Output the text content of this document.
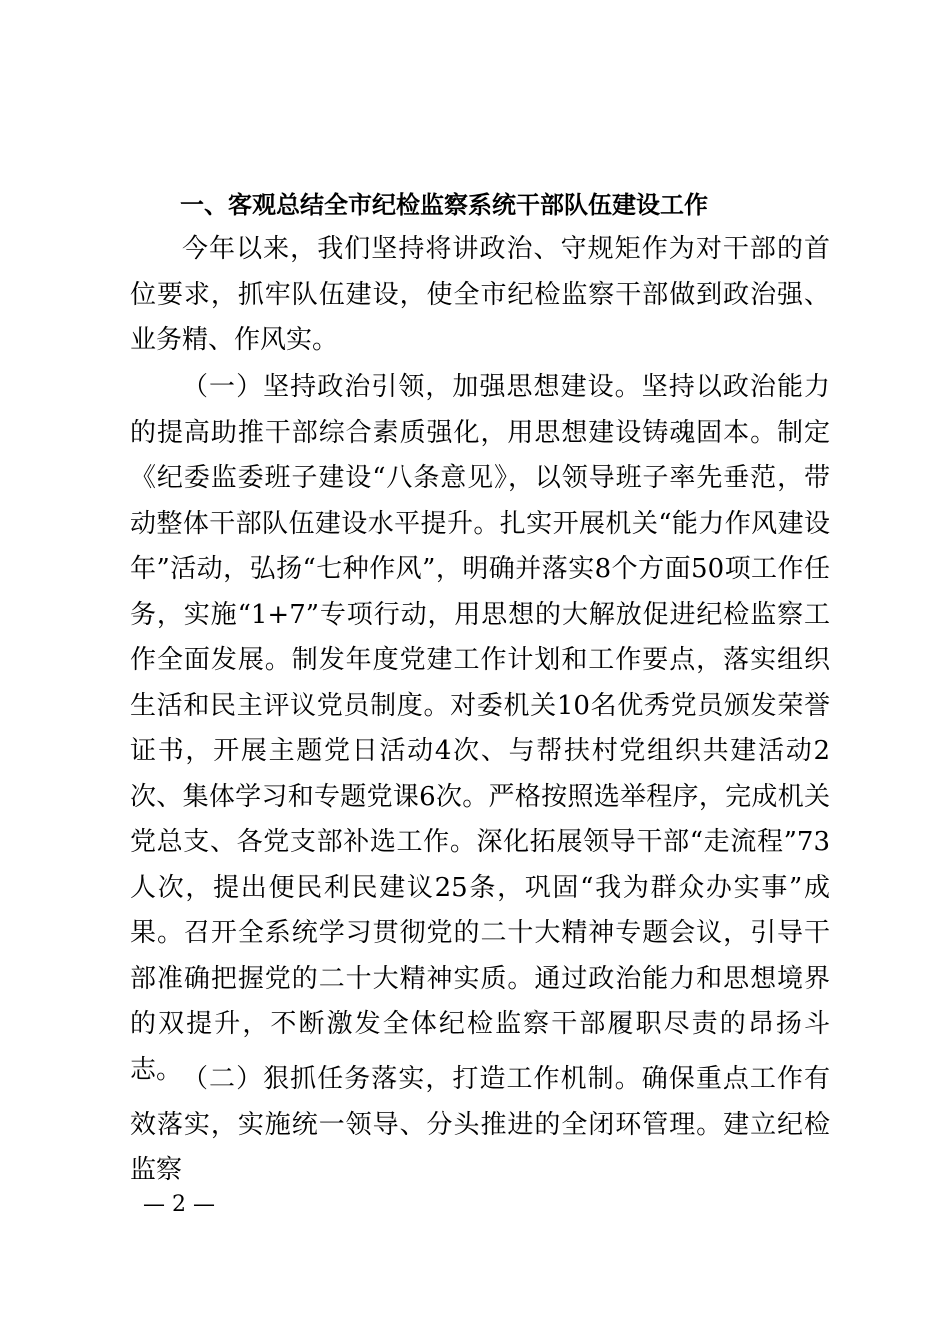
一、客观总结全市纪检监察系统干部队伍建设工作
今年以来，我们坚持将讲政治、守规矩作为对干部的首位要求，抓牢队伍建设，使全市纪检监察干部做到政治强、业务精、作风实。
（一）坚持政治引领，加强思想建设。坚持以政治能力的提高助推干部综合素质强化，用思想建设铸魂固本。制定《纪委监委班子建设“八条意见》，以领导班子率先垂范，带动整体干部队伍建设水平提升。扎实开展机关“能力作风建设年”活动，弘扬“七种作风”，明确并落实8个方面50项工作任务，实施“1+7”专项行动，用思想的大解放促进纪检监察工作全面发展。制发年度党建工作计划和工作要点，落实组织生活和民主评议党员制度。对委机关10名优秀党员颁发荣誉证书，开展主题党日活动4次、与帮扶村党组织共建活动2次、集体学习和专题党课6次。严格按照选举程序，完成机关党总支、各党支部补选工作。深化拓展领导干部“走流程”73人次，提出便民利民建议25条，巩固“我为群众办实事”成果。召开全系统学习贯彻党的二十大精神专题会议，引导干部准确把握党的二十大精神实质。通过政治能力和思想境界的双提升，不断激发全体纪检监察干部履职尽责的昂扬斗志。 （二）狠抓任务落实，打造工作机制。确保重点工作有效落实，实施统一领导、分头推进的全闭环管理。建立纪检监察
— 2 —
